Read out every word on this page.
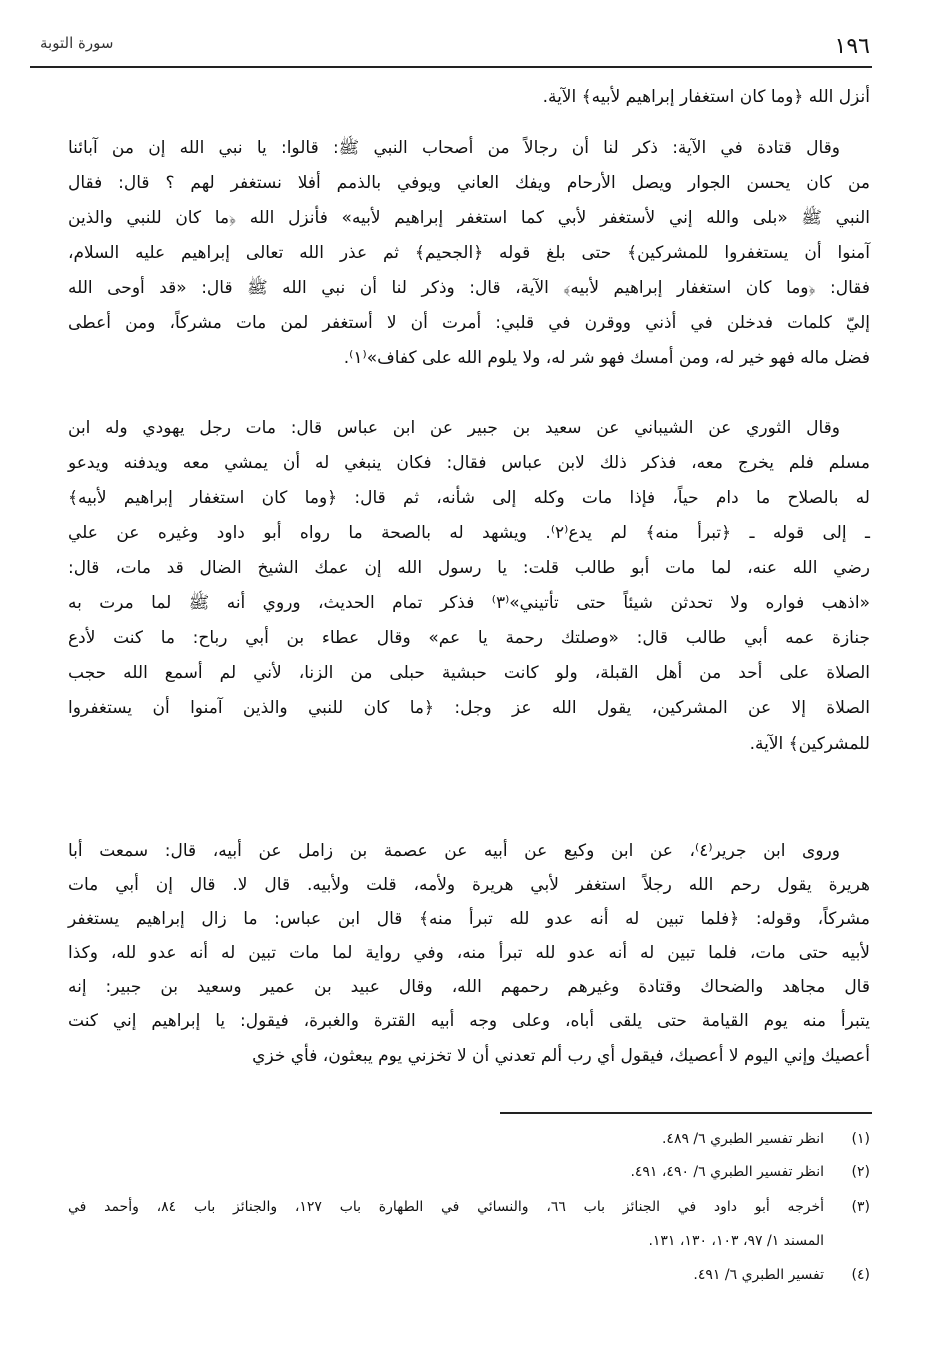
سورة التوبة	١٩٦
أنزل الله ﴿وما كان استغفار إبراهيم لأبيه﴾ الآية.
وقال قتادة في الآية: ذكر لنا أن رجالاً من أصحاب النبي ﷺ: قالوا: يا نبي الله إن من آبائنا
من كان يحسن الجوار ويصل الأرحام ويفك العاني ويوفي بالذمم أفلا نستغفر لهم ؟ قال: فقال
النبي ﷺ «بلى والله إني لأستغفر لأبي كما استغفر إبراهيم لأبيه» فأنزل الله ﴿ما كان للنبي والذين
آمنوا أن يستغفروا للمشركين﴾ حتى بلغ قوله ﴿الجحيم﴾ ثم عذر الله تعالى إبراهيم عليه السلام،
فقال: ﴿وما كان استغفار إبراهيم لأبيه﴾ الآية، قال: وذكر لنا أن نبي الله ﷺ قال: «قد أوحى الله
إليّ كلمات فدخلن في أذني ووقرن في قلبي: أمرت أن لا أستغفر لمن مات مشركاً، ومن أعطى
فضل ماله فهو خير له، ومن أمسك فهو شر له، ولا يلوم الله على كفاف»⁽١⁾.
وقال الثوري عن الشيباني عن سعيد بن جبير عن ابن عباس قال: مات رجل يهودي وله ابن
مسلم فلم يخرج معه، فذكر ذلك لابن عباس فقال: فكان ينبغي له أن يمشي معه ويدفنه ويدعو
له بالصلاح ما دام حياً، فإذا مات وكله إلى شأنه، ثم قال: ﴿وما كان استغفار إبراهيم لأبيه﴾
ـ إلى قوله ـ ﴿تبرأ منه﴾ لم يدع⁽٢⁾. ويشهد له بالصحة ما رواه أبو داود وغيره عن علي
رضي الله عنه، لما مات أبو طالب قلت: يا رسول الله إن عمك الشيخ الضال قد مات، قال:
«اذهب فواره ولا تحدثن شيئاً حتى تأتيني»⁽٣⁾ فذكر تمام الحديث، وروي أنه ﷺ لما مرت به
جنازة عمه أبي طالب قال: «وصلتك رحمة يا عم» وقال عطاء بن أبي رباح: ما كنت لأدع
الصلاة على أحد من أهل القبلة، ولو كانت حبشية حبلى من الزنا، لأني لم أسمع الله حجب
الصلاة إلا عن المشركين، يقول الله عز وجل: ﴿ما كان للنبي والذين آمنوا أن يستغفروا
للمشركين﴾ الآية.
وروى ابن جرير⁽٤⁾، عن ابن وكيع عن أبيه عن عصمة بن زامل عن أبيه، قال: سمعت أبا
هريرة يقول رحم الله رجلاً استغفر لأبي هريرة ولأمه، قلت ولأبيه. قال لا. قال إن أبي مات
مشركاً، وقوله: ﴿فلما تبين له أنه عدو لله تبرأ منه﴾ قال ابن عباس: ما زال إبراهيم يستغفر
لأبيه حتى مات، فلما تبين له أنه عدو لله تبرأ منه، وفي رواية لما مات تبين له أنه عدو لله، وكذا
قال مجاهد والضحاك وقتادة وغيرهم رحمهم الله، وقال عبيد بن عمير وسعيد بن جبير: إنه
يتبرأ منه يوم القيامة حتى يلقى أباه، وعلى وجه أبيه القترة والغبرة، فيقول: يا إبراهيم إني كنت
أعصيك وإني اليوم لا أعصيك، فيقول أي رب ألم تعدني أن لا تخزني يوم يبعثون، فأي خزي
(١)انظر تفسير الطبري ٦/ ٤٨٩.
(٢)انظر تفسير الطبري ٦/ ٤٩٠، ٤٩١.
(٣)أخرجه أبو داود في الجنائز باب ٦٦، والنسائي في الطهارة باب ١٢٧، والجنائز باب ٨٤، وأحمد في
المسند ١/ ٩٧، ١٠٣، ١٣٠، ١٣١.
(٤)تفسير الطبري ٦/ ٤٩١.
